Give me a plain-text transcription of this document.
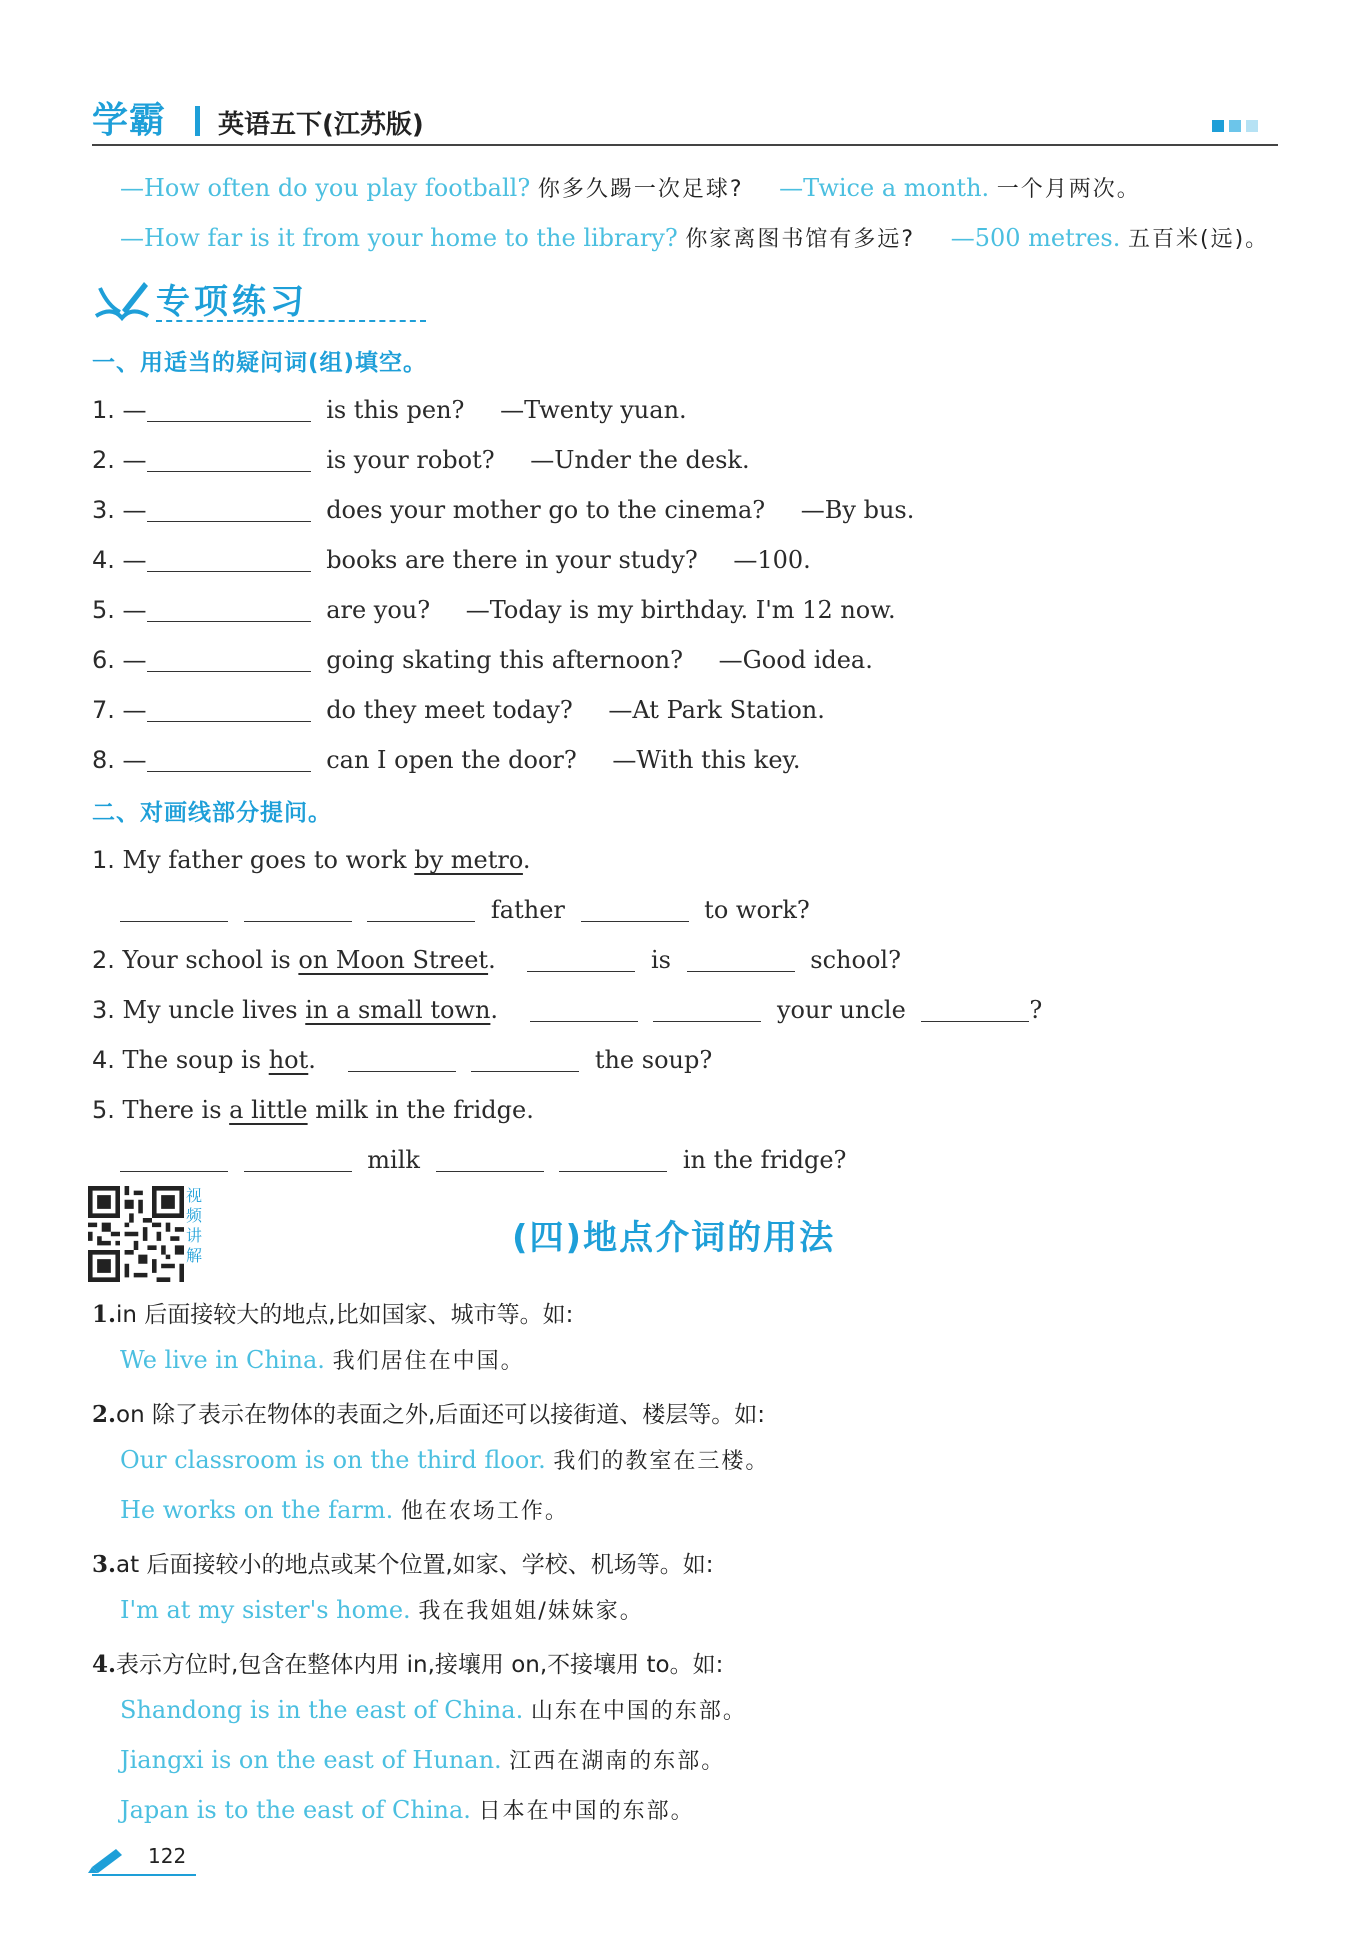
学霸 英语五下(江苏版)
—How often do you play football? 你多久踢一次足球? —Twice a month. 一个月两次。
—How far is it from your home to the library? 你家离图书馆有多远? —500 metres. 五百米(远)。
专项练习
一、用适当的疑问词(组)填空。
1. —	is this pen? —Twenty yuan.
2. —	is your robot? —Under the desk.
3. —	does your mother go to the cinema? —By bus.
4. —	books are there in your study? —100.
5. —	are you? —Today is my birthday. I'm 12 now.
6. —	going skating this afternoon? —Good idea.
7. —	do they meet today? —At Park Station.
8. —	can I open the door? —With this key.
二、对画线部分提问。
1. My father goes to work by metro.
father	to work?
2. Your school is on Moon Street.	is	school?
3. My uncle lives in a small town.	your uncle	?
4. The soup is hot.	the soup?
5. There is a little milk in the fridge.
milk	in the fridge?
视
频
讲
解	(四)地点介词的用法
1.in 后面接较大的地点,比如国家、城市等。如:
We live in China. 我们居住在中国。
2.on 除了表示在物体的表面之外,后面还可以接街道、楼层等。如:
Our classroom is on the third floor. 我们的教室在三楼。
He works on the farm. 他在农场工作。
3.at 后面接较小的地点或某个位置,如家、学校、机场等。如:
I'm at my sister's home. 我在我姐姐/妹妹家。
4.表示方位时,包含在整体内用 in,接壤用 on,不接壤用 to。如:
Shandong is in the east of China. 山东在中国的东部。
Jiangxi is on the east of Hunan. 江西在湖南的东部。
Japan is to the east of China. 日本在中国的东部。
122
